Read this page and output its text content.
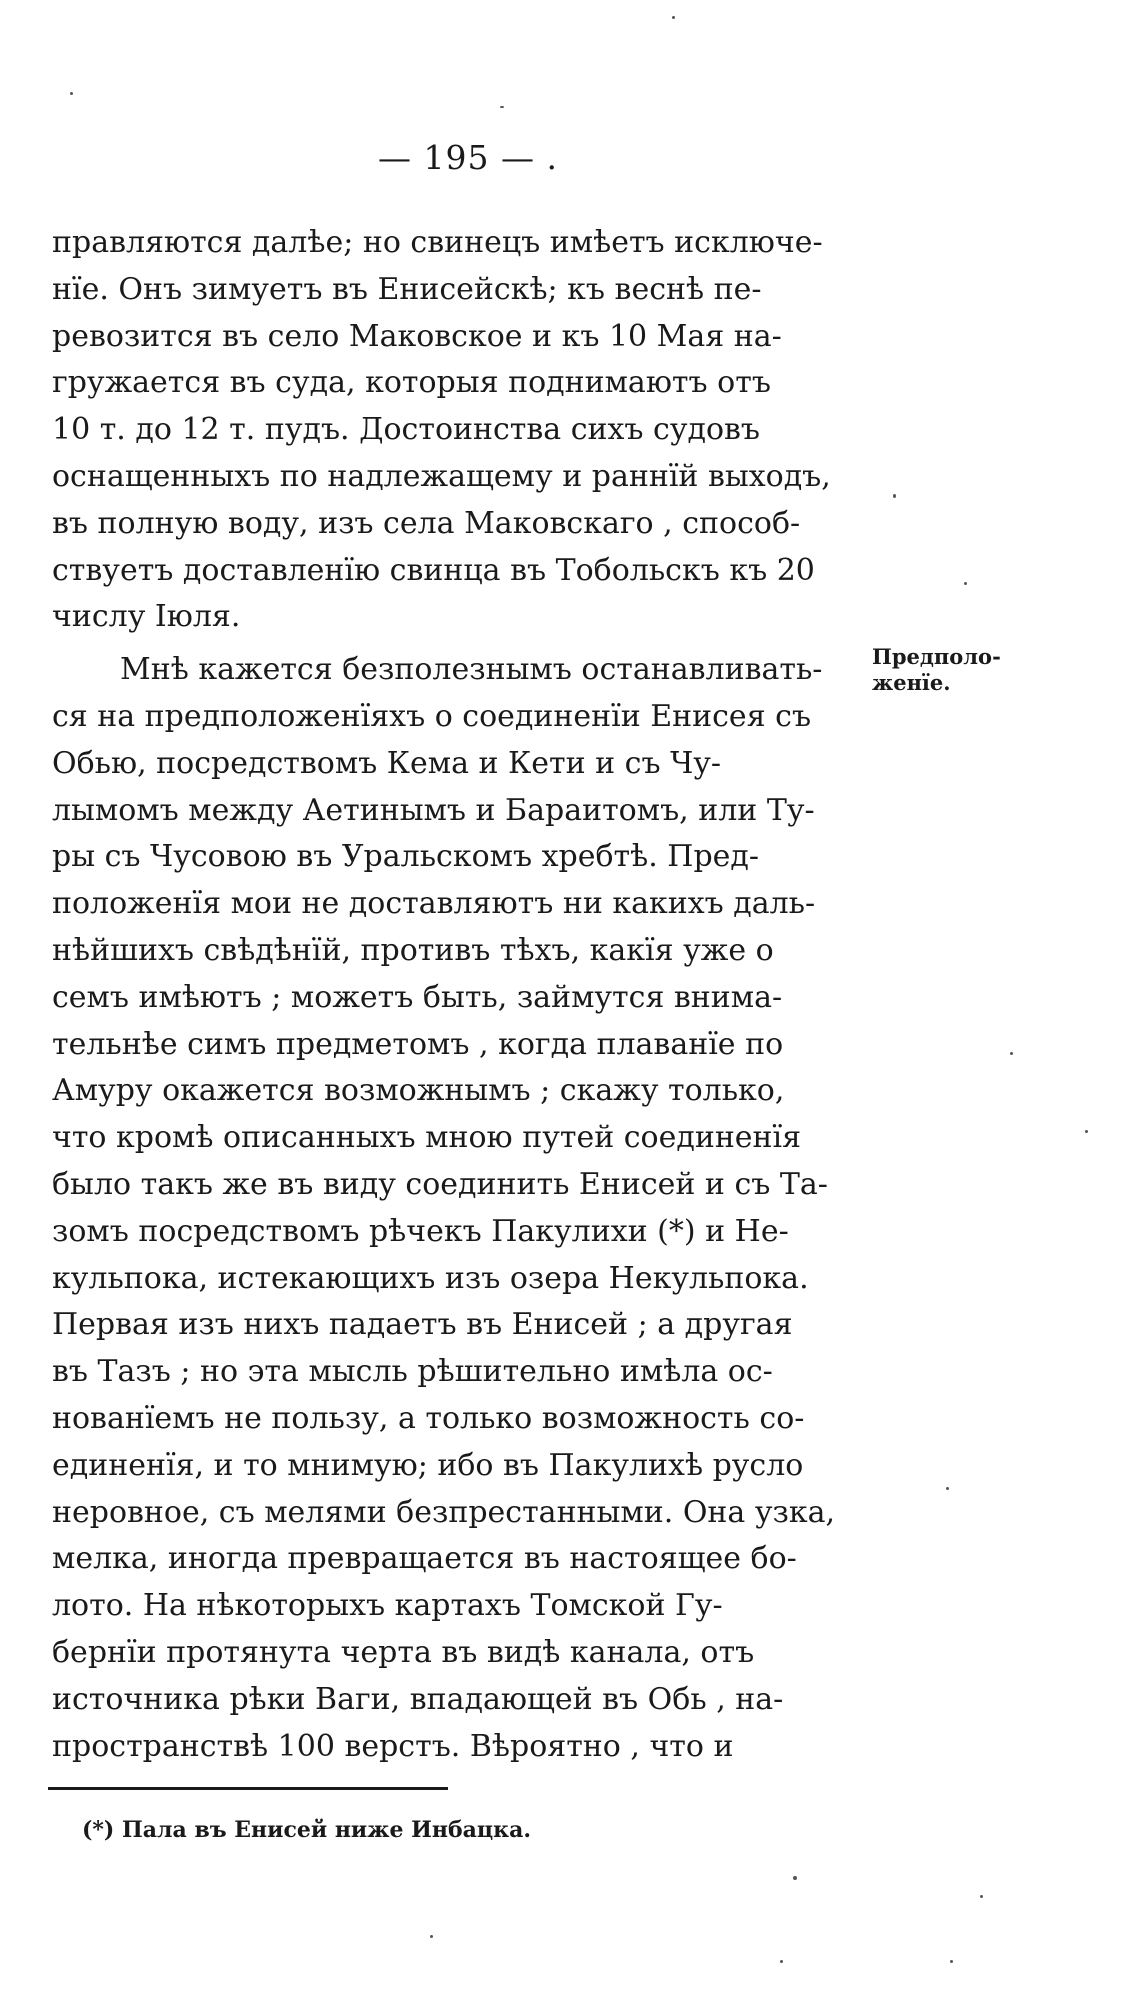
— 195 — .
правляются далѣе; но свинецъ имѣетъ исключе-
нїе. Онъ зимуетъ въ Енисейскѣ; къ веснѣ пе-
ревозится въ село Маковское и къ 10 Мая на-
гружается въ суда, которыя поднимаютъ отъ
10 т. до 12 т. пудъ. Достоинства сихъ судовъ
оснащенныхъ по надлежащему и раннїй выходъ,
въ полную воду, изъ села Маковскаго , способ-
ствуетъ доставленїю свинца въ Тобольскъ къ 20
числу Іюля.
Мнѣ кажется безполезнымъ останавливать-
ся на предположенїяхъ о соединенїи Енисея съ
Обью, посредствомъ Кема и Кети и съ Чу-
лымомъ между Аетинымъ и Бараитомъ, или Ту-
ры съ Чусовою въ Уральскомъ хребтѣ. Пред-
положенїя мои не доставляютъ ни какихъ даль-
нѣйшихъ свѣдѣнїй, противъ тѣхъ, какїя уже о
семъ имѣютъ ; можетъ быть, займутся внима-
тельнѣе симъ предметомъ , когда плаванїе по
Амуру окажется возможнымъ ; скажу только,
что кромѣ описанныхъ мною путей соединенїя
было такъ же въ виду соединить Енисей и съ Та-
зомъ посредствомъ рѣчекъ Пакулихи (*) и Не-
кульпока, истекающихъ изъ озера Некульпока.
Первая изъ нихъ падаетъ въ Енисей ; а другая
въ Тазъ ; но эта мысль рѣшительно имѣла ос-
нованїемъ не пользу, а только возможность со-
единенїя, и то мнимую; ибо въ Пакулихѣ русло
неровное, съ мелями безпрестанными. Она узка,
мелка, иногда превращается въ настоящее бо-
лото. На нѣкоторыхъ картахъ Томской Гу-
бернїи протянута черта въ видѣ канала, отъ
источника рѣки Ваги, впадающей въ Обь , на-
пространствѣ 100 верстъ. Вѣроятно , что и
Предполо-
женїе.
(*) Пала въ Енисей ниже Инбацка.
